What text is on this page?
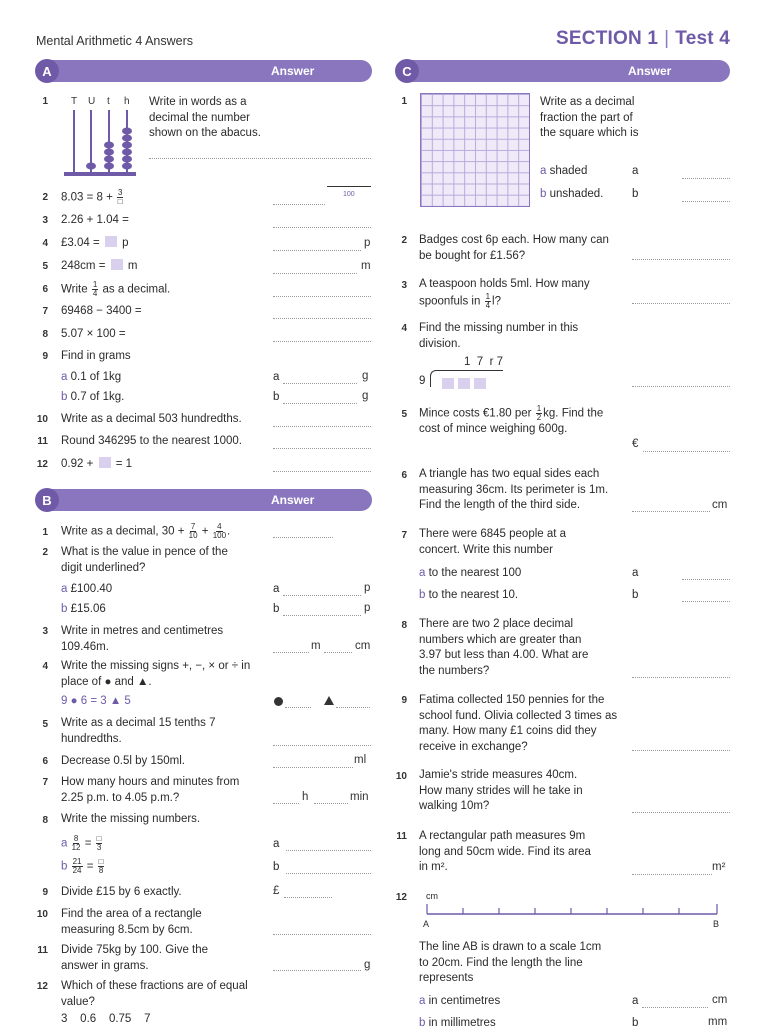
Mental Arithmetic 4 Answers	SECTION 1 | Test 4
A	Answer	C	Answer
B	Answer
1 T U t h Write in words as a decimal the number shown on the abacus.
2 $8.03 = 8 + \frac{3}{□}$	100
3 2.26 + 1.04 =
4 £3.04 =  p	p
5 248cm =  m	m
6 Write $\frac{1}{4}$ as a decimal.
7 69468 − 3400 =
8 5.07 × 100 =
9 Find in grams
a 0.1 of 1kg	a	g
b 0.7 of 1kg.	b	g
10 Write as a decimal 503 hundredths.
11 Round 346295 to the nearest 1000.
12 0.92 +  = 1
1 Write as a decimal, $30 + \frac{7}{10} + \frac{4}{100}$ .
2 What is the value in pence of the digit underlined?
a £100.40	a	p
b £15.06	b	p
3 Write in metres and centimetres 109.46m.	m	cm
4 Write the missing signs +, −, × or ÷ in place of ● and ▲.
9 ● 6 = 3 ▲ 5
5 Write as a decimal 15 tenths 7 hundredths.
6 Decrease 0.5l by 150ml.	ml
7 How many hours and minutes from 2.25 p.m. to 4.05 p.m.?	h	min
8 Write the missing numbers.
a $\frac{8}{12} = \frac{□}{3}$	a
b $\frac{21}{24} = \frac{□}{8}$	b
9 Divide £15 by 6 exactly.	£
10 Find the area of a rectangle measuring 8.5cm by 6cm.
11 Divide 75kg by 100. Give the answer in grams.	g
12 Which of these fractions are of equal value?
3    0.6    0.75    7
1	Write as a decimal fraction the part of the square which is
a shaded	a
b unshaded. b
2 Badges cost 6p each. How many can be bought for £1.56?
3 A teaspoon holds 5ml. How many spoonfuls in $\frac{1}{4} l$?
4 Find the missing number in this division.
1  7  r 7
9
5 Mince costs €1.80 per $\frac{1}{2}$ kg. Find the cost of mince weighing 600g.
€
6 A triangle has two equal sides each measuring 36cm. Its perimeter is 1m. Find the length of the third side.	cm
7 There were 6845 people at a concert. Write this number
a to the nearest 100	a
b to the nearest 10.	b
8 There are two 2 place decimal numbers which are greater than 3.97 but less than 4.00. What are the numbers?
9 Fatima collected 150 pennies for the school fund. Olivia collected 3 times as many. How many £1 coins did they receive in exchange?
10 Jamie's stride measures 40cm. How many strides will he take in walking 10m?
11 A rectangular path measures 9m long and 50cm wide. Find its area in m².	m²
12 cm
A	B
The line AB is drawn to a scale 1cm to 20cm. Find the length the line represents
a in centimetres	a	cm
b in millimetres	b	mm
